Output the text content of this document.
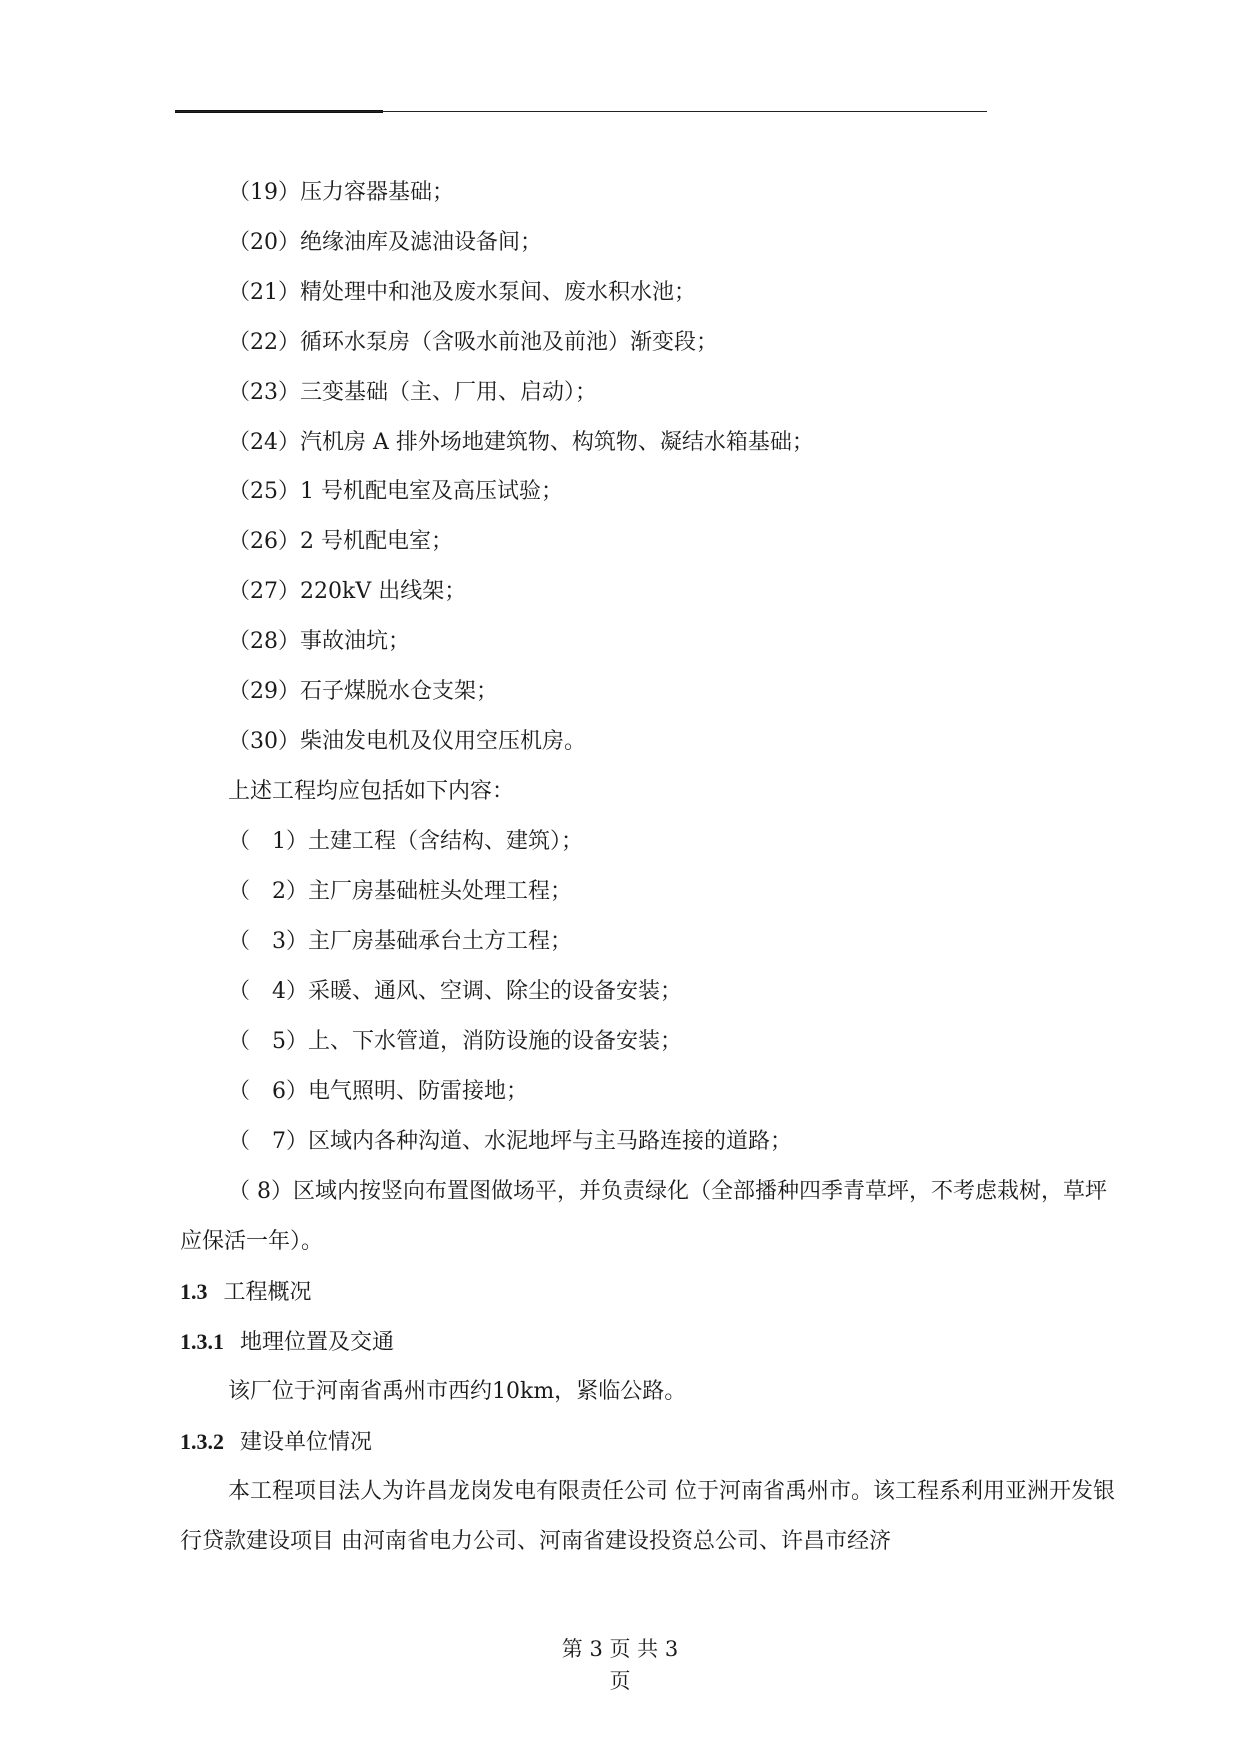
（19）压力容器基础；
（20）绝缘油库及滤油设备间；
（21）精处理中和池及废水泵间、废水积水池；
（22）循环水泵房（含吸水前池及前池）渐变段；
（23）三变基础（主、厂用、启动）；
（24）汽机房 A 排外场地建筑物、构筑物、凝结水箱基础；
（25）1 号机配电室及高压试验；
（26）2 号机配电室；
（27）220kV 出线架；
（28）事故油坑；
（29）石子煤脱水仓支架；
（30）柴油发电机及仪用空压机房。
上述工程均应包括如下内容：
（　1）土建工程（含结构、建筑）；
（　2）主厂房基础桩头处理工程；
（　3）主厂房基础承台土方工程；
（　4）采暖、通风、空调、除尘的设备安装；
（　5）上、下水管道，消防设施的设备安装；
（　6）电气照明、防雷接地；
（　7）区域内各种沟道、水泥地坪与主马路连接的道路；
（ 8）区域内按竖向布置图做场平，并负责绿化（全部播种四季青草坪，不考虑栽树，草坪应保活一年）。
1.3 工程概况
1.3.1 地理位置及交通
该厂位于河南省禹州市西约10km，紧临公路。
1.3.2 建设单位情况
本工程项目法人为许昌龙岗发电有限责任公司 位于河南省禹州市。该工程系利用亚洲开发银行贷款建设项目 由河南省电力公司、河南省建设投资总公司、许昌市经济
第 3 页 共 3
页
